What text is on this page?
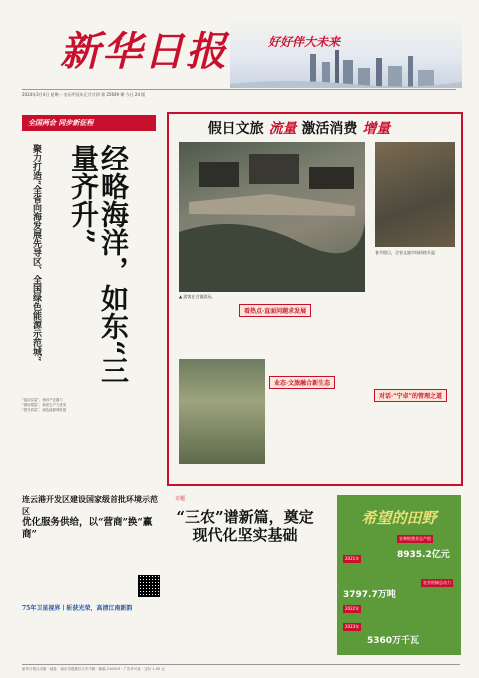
新华日报	好好伴大未来
2024年3月4日 星期一 农历甲辰年正月廿四 第 25649 期 今日 24 版
全国两会 同步新征程
经略海洋，如东“三量齐升”
聚力打造“全省向海发展先导区、全国绿色能源示范城”
“盘活存量”，海洋产业蓄力
“做优增量”，新质生产力迸发
“提升质量”，绿色能源城发展
假日文旅 流量 激活消费 增量
▲ 游客在古镇游玩。
春节假日，全省文旅市场持续升温
看热点·直面问题求发展
业态·文旅融合新生态
对话·“宁卓”的管理之道
连云港开发区建设国家级首批环境示范区
优化服务供给，以“营商”换“赢商”
75年卫星视界丨斩获光荣，高清江南新韵
专题
“三农”谱新篇，奠定现代化坚实基础
希望的田野
农林牧渔业总产值
8935.2亿元
3797.7万吨
农业机械总动力
5360万千瓦
2021年
2022年
2023年
新华日报社出版 · 地址：南京市建邺区江东中路 · 邮编 210019 · 广告许可证 · 定价 1.50 元
